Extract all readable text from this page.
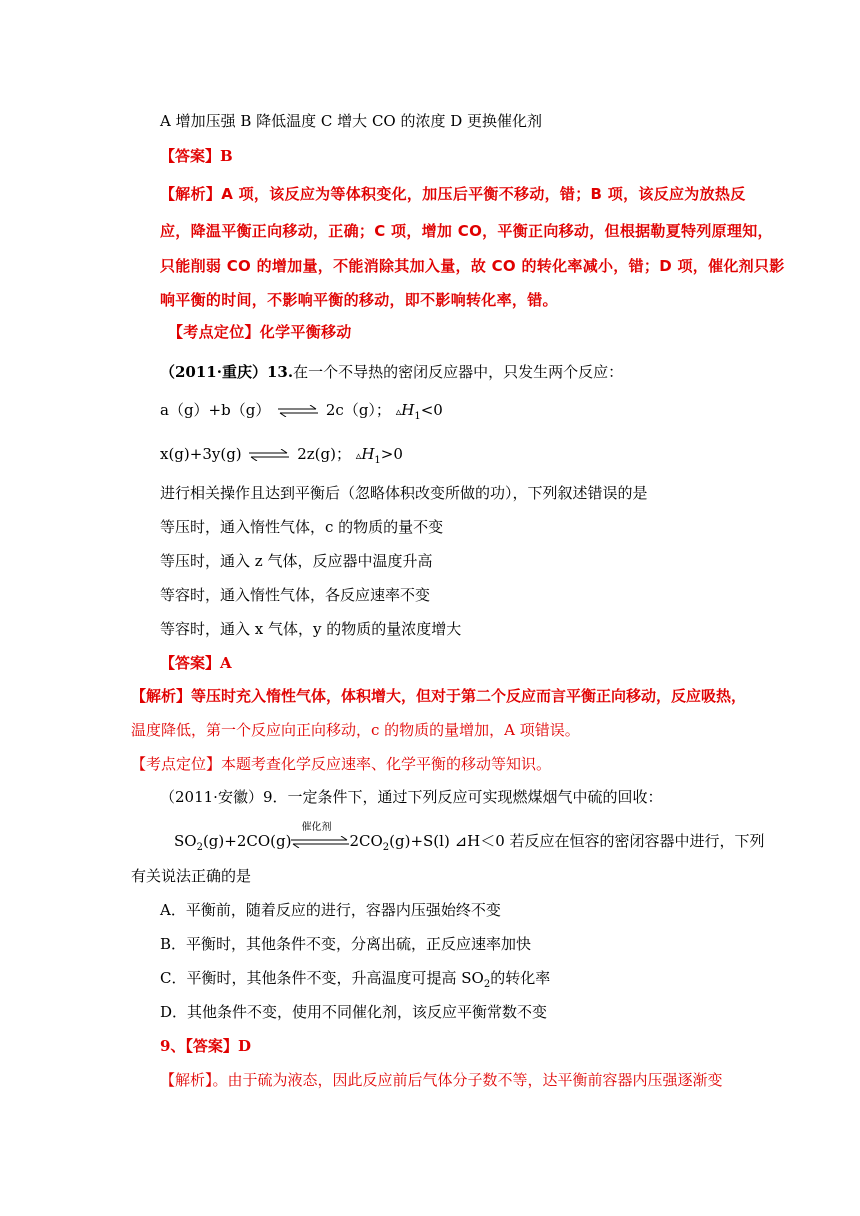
A 增加压强 B 降低温度 C 增大 CO 的浓度 D 更换催化剂
【答案】B
【解析】A 项，该反应为等体积变化，加压后平衡不移动，错；B 项，该反应为放热反
应，降温平衡正向移动，正确；C 项，增加 CO，平衡正向移动，但根据勒夏特列原理知，
只能削弱 CO 的增加量，不能消除其加入量，故 CO 的转化率减小，错；D 项，催化剂只影
响平衡的时间，不影响平衡的移动，即不影响转化率，错。
【考点定位】化学平衡移动
（2011·重庆）13.在一个不导热的密闭反应器中，只发生两个反应：
a（g）+b（g） ⇌ 2c（g）； $▵H_1<0$
x(g)+3y(g) ⇌ 2z(g)； $▵H_1>0$
进行相关操作且达到平衡后（忽略体积改变所做的功），下列叙述错误的是
等压时，通入惰性气体，c 的物质的量不变
等压时，通入 z 气体，反应器中温度升高
等容时，通入惰性气体，各反应速率不变
等容时，通入 x 气体，y 的物质的量浓度增大
【答案】A
【解析】等压时充入惰性气体，体积增大，但对于第二个反应而言平衡正向移动，反应吸热，
温度降低，第一个反应向正向移动，c 的物质的量增加，A 项错误。
【考点定位】本题考查化学反应速率、化学平衡的移动等知识。
（2011·安徽）9．一定条件下，通过下列反应可实现燃煤烟气中硫的回收：
$SO_2(g)+2CO(g)$
催化剂
$2CO_2(g)+S(l)$ ⊿H＜0 若反应在恒容的密闭容器中进行，下列
有关说法正确的是
A．平衡前，随着反应的进行，容器内压强始终不变
B．平衡时，其他条件不变，分离出硫，正反应速率加快
C．平衡时，其他条件不变，升高温度可提高 $SO_2$的转化率
D．其他条件不变，使用不同催化剂，该反应平衡常数不变
9、【答案】D
【解析】。由于硫为液态，因此反应前后气体分子数不等，达平衡前容器内压强逐渐变
